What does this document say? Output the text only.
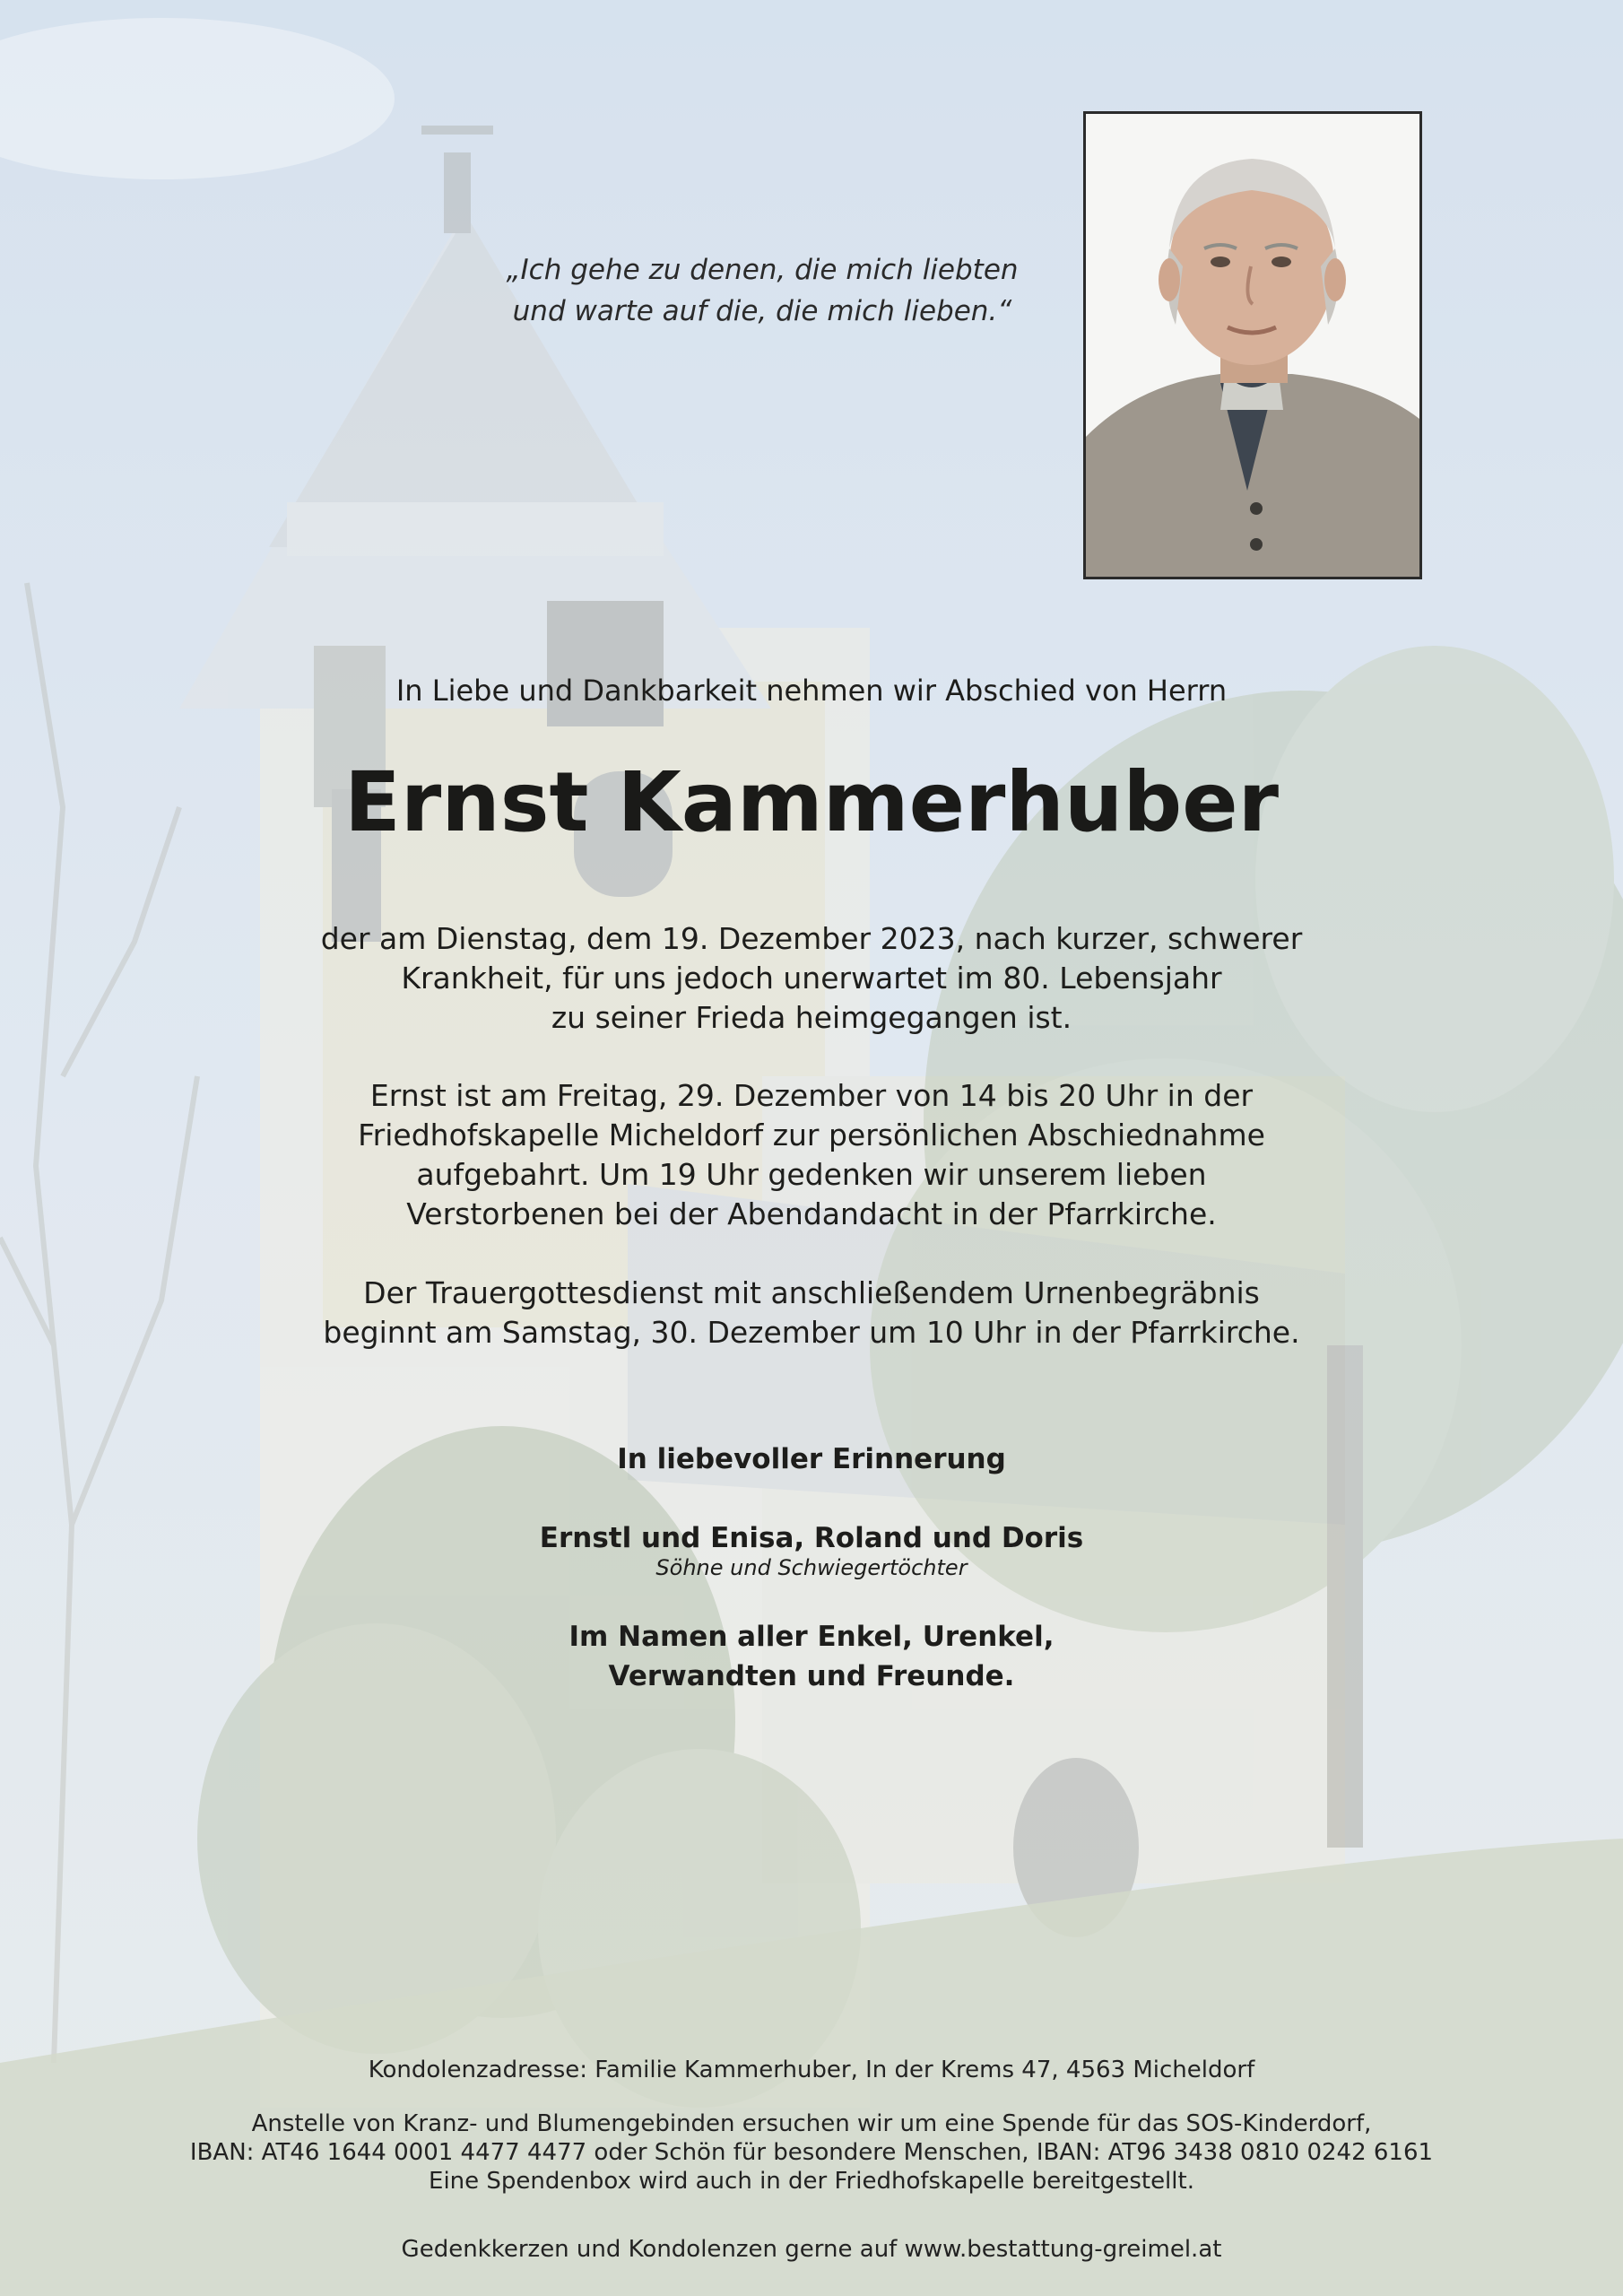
„Ich gehe zu denen, die mich liebten
und warte auf die, die mich lieben.“
In Liebe und Dankbarkeit nehmen wir Abschied von Herrn
Ernst Kammerhuber
der am Dienstag, dem 19. Dezember 2023, nach kurzer, schwerer
Krankheit, für uns jedoch unerwartet im 80. Lebensjahr
zu seiner Frieda heimgegangen ist.
Ernst ist am Freitag, 29. Dezember von 14 bis 20 Uhr in der
Friedhofskapelle Micheldorf zur persönlichen Abschiednahme
aufgebahrt. Um 19 Uhr gedenken wir unserem lieben
Verstorbenen bei der Abendandacht in der Pfarrkirche.
Der Trauergottesdienst mit anschließendem Urnenbegräbnis
beginnt am Samstag, 30. Dezember um 10 Uhr in der Pfarrkirche.
In liebevoller Erinnerung
Ernstl und Enisa, Roland und Doris
Söhne und Schwiegertöchter
Im Namen aller Enkel, Urenkel,
Verwandten und Freunde.
Kondolenzadresse: Familie Kammerhuber, In der Krems 47, 4563 Micheldorf
Anstelle von Kranz- und Blumengebinden ersuchen wir um eine Spende für das SOS-Kinderdorf,
IBAN: AT46 1644 0001 4477 4477 oder Schön für besondere Menschen, IBAN: AT96 3438 0810 0242 6161
Eine Spendenbox wird auch in der Friedhofskapelle bereitgestellt.
Gedenkkerzen und Kondolenzen gerne auf www.bestattung-greimel.at
